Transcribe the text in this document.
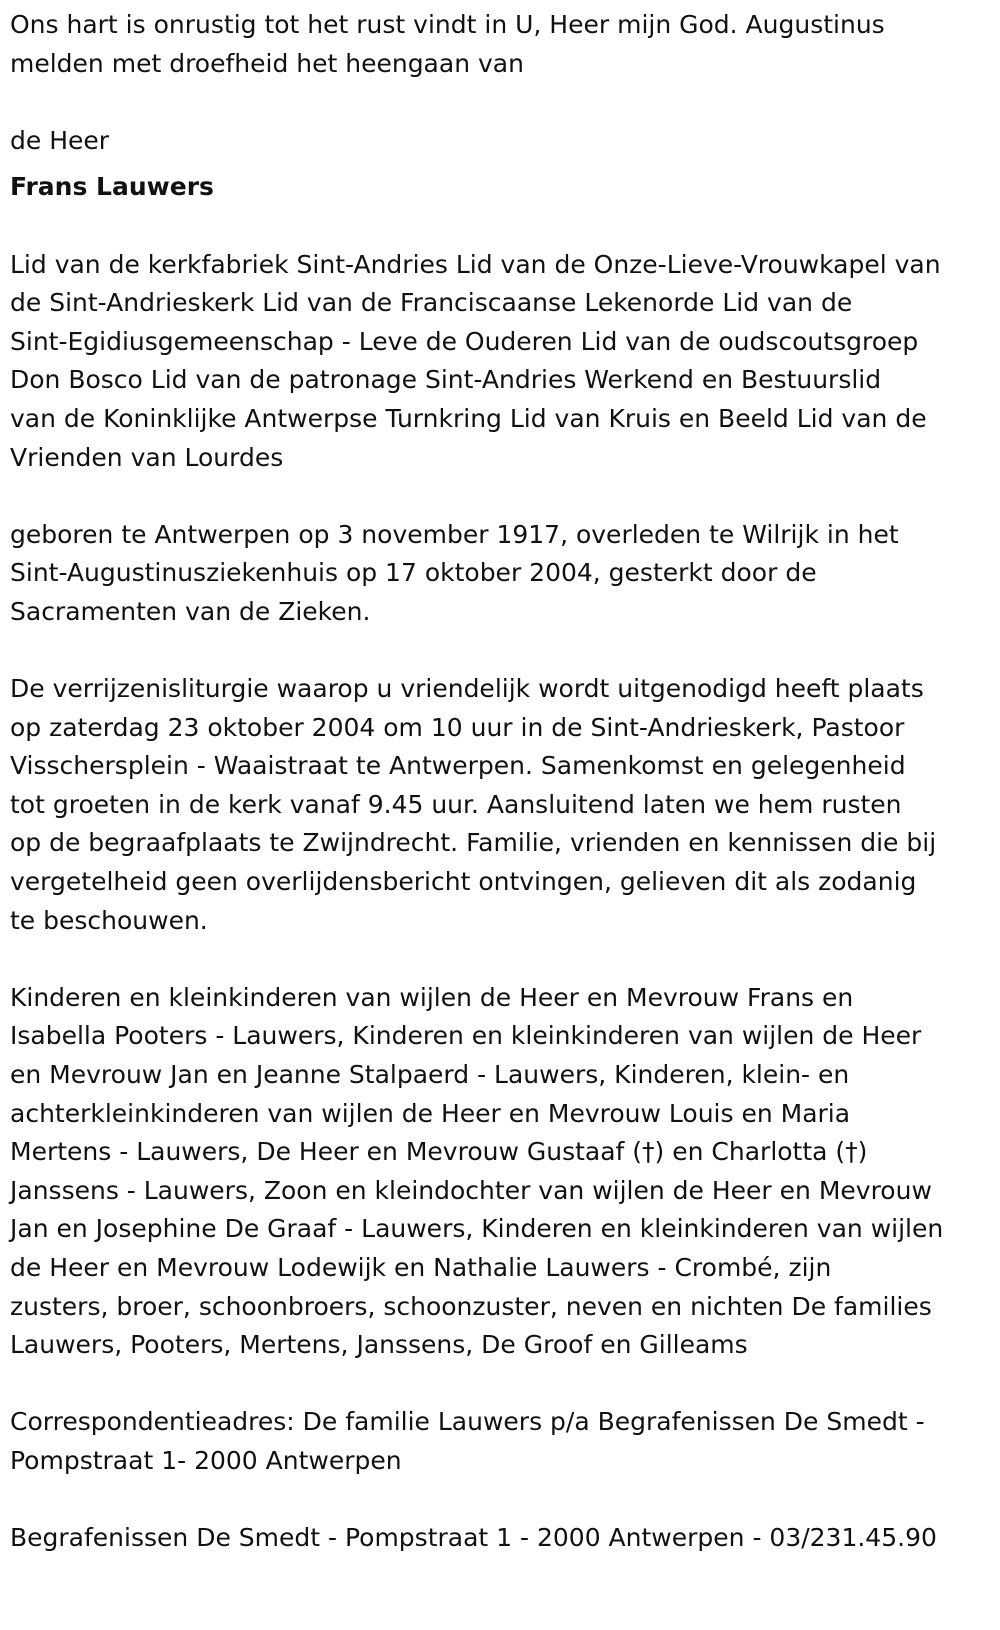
Ons hart is onrustig tot het rust vindt in U, Heer mijn God. Augustinus
melden met droefheid het heengaan van

de Heer

Frans Lauwers

Lid van de kerkfabriek Sint-Andries Lid van de Onze-Lieve-Vrouwkapel van
de Sint-Andrieskerk Lid van de Franciscaanse Lekenorde Lid van de
Sint-Egidiusgemeenschap - Leve de Ouderen Lid van de oudscoutsgroep
Don Bosco Lid van de patronage Sint-Andries Werkend en Bestuurslid
van de Koninklijke Antwerpse Turnkring Lid van Kruis en Beeld Lid van de
Vrienden van Lourdes

geboren te Antwerpen op 3 november 1917, overleden te Wilrijk in het
Sint-Augustinusziekenhuis op 17 oktober 2004, gesterkt door de
Sacramenten van de Zieken.

De verrijzenisliturgie waarop u vriendelijk wordt uitgenodigd heeft plaats
op zaterdag 23 oktober 2004 om 10 uur in de Sint-Andrieskerk, Pastoor
Visschersplein - Waaistraat te Antwerpen. Samenkomst en gelegenheid
tot groeten in de kerk vanaf 9.45 uur. Aansluitend laten we hem rusten
op de begraafplaats te Zwijndrecht. Familie, vrienden en kennissen die bij
vergetelheid geen overlijdensbericht ontvingen, gelieven dit als zodanig
te beschouwen.

Kinderen en kleinkinderen van wijlen de Heer en Mevrouw Frans en
Isabella Pooters - Lauwers, Kinderen en kleinkinderen van wijlen de Heer
en Mevrouw Jan en Jeanne Stalpaerd - Lauwers, Kinderen, klein- en
achterkleinkinderen van wijlen de Heer en Mevrouw Louis en Maria
Mertens - Lauwers, De Heer en Mevrouw Gustaaf (†) en Charlotta (†)
Janssens - Lauwers, Zoon en kleindochter van wijlen de Heer en Mevrouw
Jan en Josephine De Graaf - Lauwers, Kinderen en kleinkinderen van wijlen
de Heer en Mevrouw Lodewijk en Nathalie Lauwers - Crombé, zijn
zusters, broer, schoonbroers, schoonzuster, neven en nichten De families
Lauwers, Pooters, Mertens, Janssens, De Groof en Gilleams

Correspondentieadres: De familie Lauwers p/a Begrafenissen De Smedt -
Pompstraat 1- 2000 Antwerpen

Begrafenissen De Smedt - Pompstraat 1 - 2000 Antwerpen - 03/231.45.90
